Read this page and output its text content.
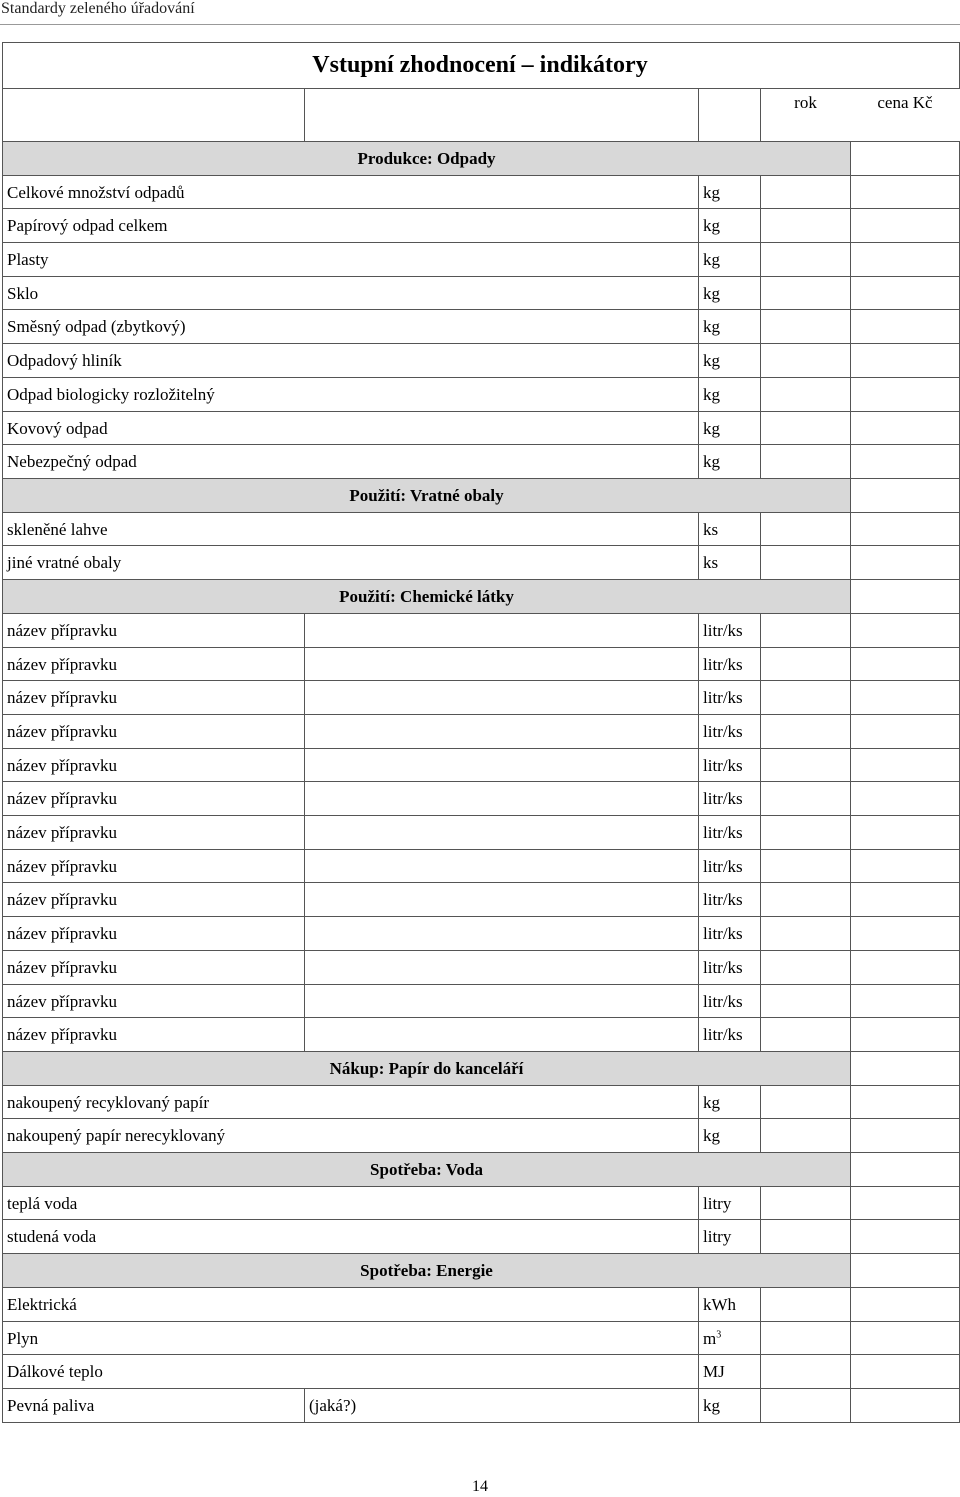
Standardy zeleného úřadování
Vstupní zhodnocení – indikátory
rok	cena Kč
Produkce: Odpady
Celkové množství odpadů	kg
Papírový odpad celkem	kg
Plasty	kg
Sklo	kg
Směsný odpad (zbytkový)	kg
Odpadový hliník	kg
Odpad biologicky rozložitelný	kg
Kovový odpad	kg
Nebezpečný odpad	kg
Použití: Vratné obaly
skleněné lahve	ks
jiné vratné obaly	ks
Použití: Chemické látky
název přípravku	litr/ks
název přípravku	litr/ks
název přípravku	litr/ks
název přípravku	litr/ks
název přípravku	litr/ks
název přípravku	litr/ks
název přípravku	litr/ks
název přípravku	litr/ks
název přípravku	litr/ks
název přípravku	litr/ks
název přípravku	litr/ks
název přípravku	litr/ks
název přípravku	litr/ks
Nákup: Papír do kanceláří
nakoupený recyklovaný papír	kg
nakoupený papír nerecyklovaný	kg
Spotřeba: Voda
teplá voda	litry
studená voda	litry
Spotřeba: Energie
Elektrická	kWh
Plyn	$m^3$
Dálkové teplo	MJ
Pevná paliva	(jaká?)	kg
14
